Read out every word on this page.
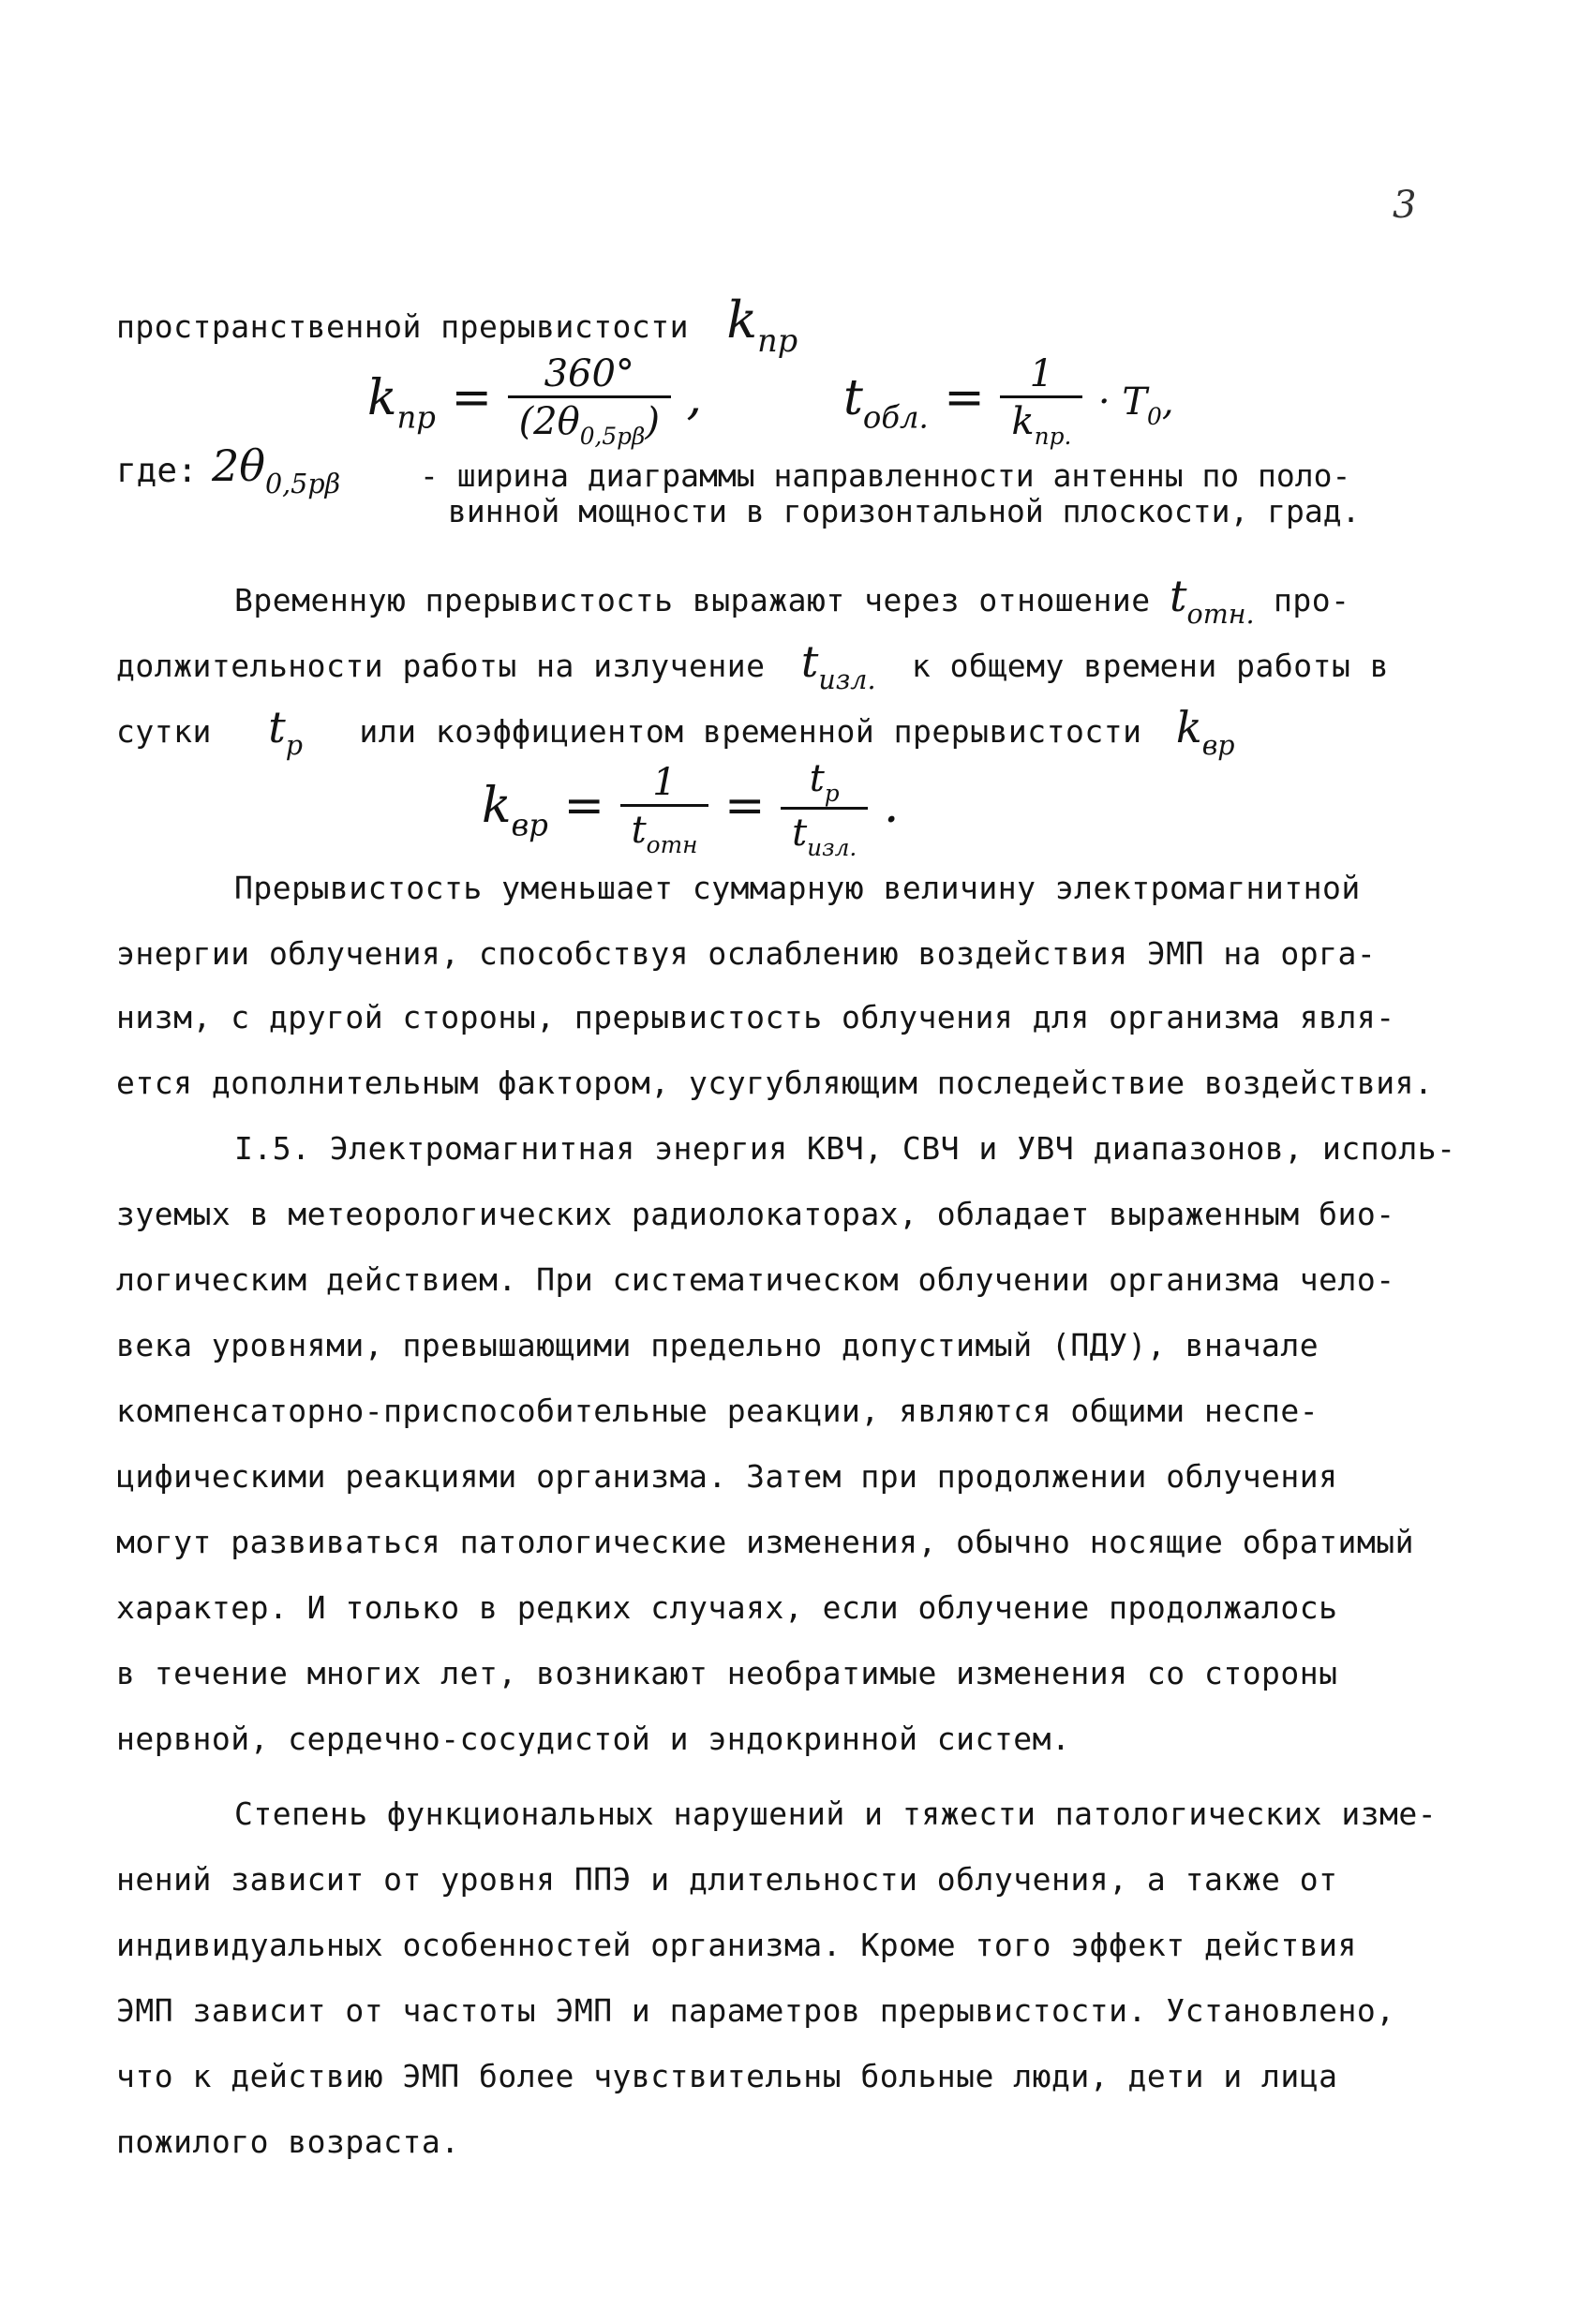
3
пространственной прерывистости $k_{пр}$
$k_{пр} = \frac{360^\circ}{(2\theta_{0,5р\beta})}$ ,	$t_{обл.} = \frac{1}{k_{пр.}} \cdot T_0$,
где: $2\theta_{0,5р\beta}$	- ширина диаграммы направленности антенны по поло-
винной мощности в горизонтальной плоскости, град.
Временную прерывистость выражают через отношение $t_{отн.}$ про-
должительности работы на излучение $t_{изл.}$ к общему времени работы в
сутки $t_р$ или коэффициентом временной прерывистости $k_{вр}$
$k_{вр} = \frac{1}{t_{отн}} = \frac{t_р}{t_{изл.}}$ .
Прерывистость уменьшает суммарную величину электромагнитной
энергии облучения, способствуя ослаблению воздействия ЭМП на орга-
низм, с другой стороны, прерывистость облучения для организма явля-
ется дополнительным фактором, усугубляющим последействие воздействия.
I.5. Электромагнитная энергия КВЧ, СВЧ и УВЧ диапазонов, исполь-
зуемых в метеорологических радиолокаторах, обладает выраженным био-
логическим действием. При систематическом облучении организма чело-
века уровнями, превышающими предельно допустимый (ПДУ), вначале
компенсаторно-приспособительные реакции, являются общими неспе-
цифическими реакциями организма. Затем при продолжении облучения
могут развиваться патологические изменения, обычно носящие обратимый
характер. И только в редких случаях, если облучение продолжалось
в течение многих лет, возникают необратимые изменения со стороны
нервной, сердечно-сосудистой и эндокринной систем.
Степень функциональных нарушений и тяжести патологических изме-
нений зависит от уровня ППЭ и длительности облучения, а также от
индивидуальных особенностей организма. Кроме того эффект действия
ЭМП зависит от частоты ЭМП и параметров прерывистости. Установлено,
что к действию ЭМП более чувствительны больные люди, дети и лица
пожилого возраста.
